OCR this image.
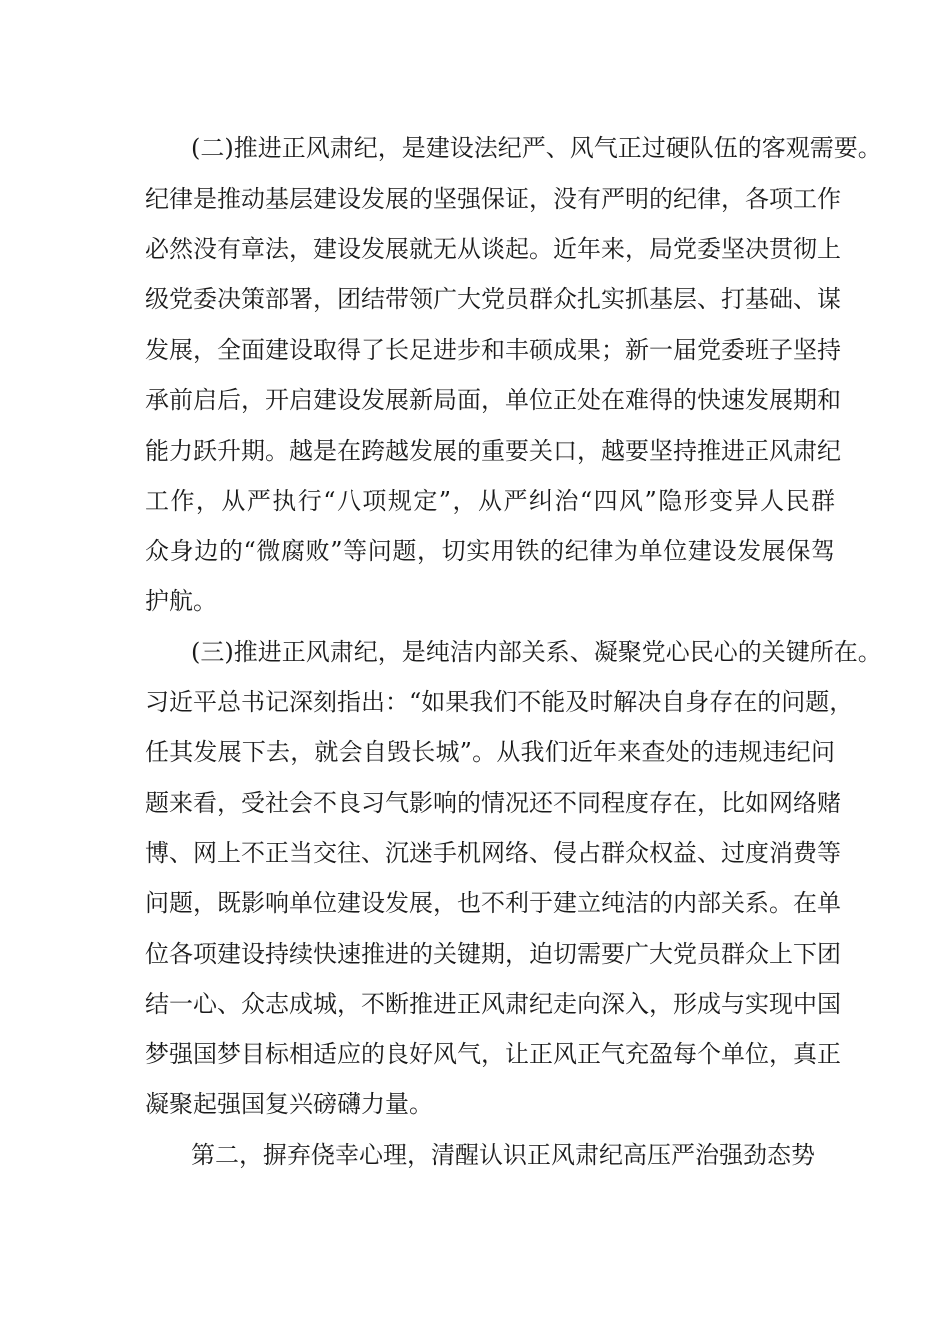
(二)推进正风肃纪，是建设法纪严、风气正过硬队伍的客观需要。
纪律是推动基层建设发展的坚强保证，没有严明的纪律，各项工作
必然没有章法，建设发展就无从谈起。近年来，局党委坚决贯彻上
级党委决策部署，团结带领广大党员群众扎实抓基层、打基础、谋
发展，全面建设取得了长足进步和丰硕成果；新一届党委班子坚持
承前启后，开启建设发展新局面，单位正处在难得的快速发展期和
能力跃升期。越是在跨越发展的重要关口，越要坚持推进正风肃纪
工作，从严执行“八项规定”，从严纠治“四风”隐形变异人民群
众身边的“微腐败”等问题，切实用铁的纪律为单位建设发展保驾
护航。
(三)推进正风肃纪，是纯洁内部关系、凝聚党心民心的关键所在。
习近平总书记深刻指出：“如果我们不能及时解决自身存在的问题，
任其发展下去，就会自毁长城”。从我们近年来查处的违规违纪问
题来看，受社会不良习气影响的情况还不同程度存在，比如网络赌
博、网上不正当交往、沉迷手机网络、侵占群众权益、过度消费等
问题，既影响单位建设发展，也不利于建立纯洁的内部关系。在单
位各项建设持续快速推进的关键期，迫切需要广大党员群众上下团
结一心、众志成城，不断推进正风肃纪走向深入，形成与实现中国
梦强国梦目标相适应的良好风气，让正风正气充盈每个单位，真正
凝聚起强国复兴磅礴力量。
第二，摒弃侥幸心理，清醒认识正风肃纪高压严治强劲态势
